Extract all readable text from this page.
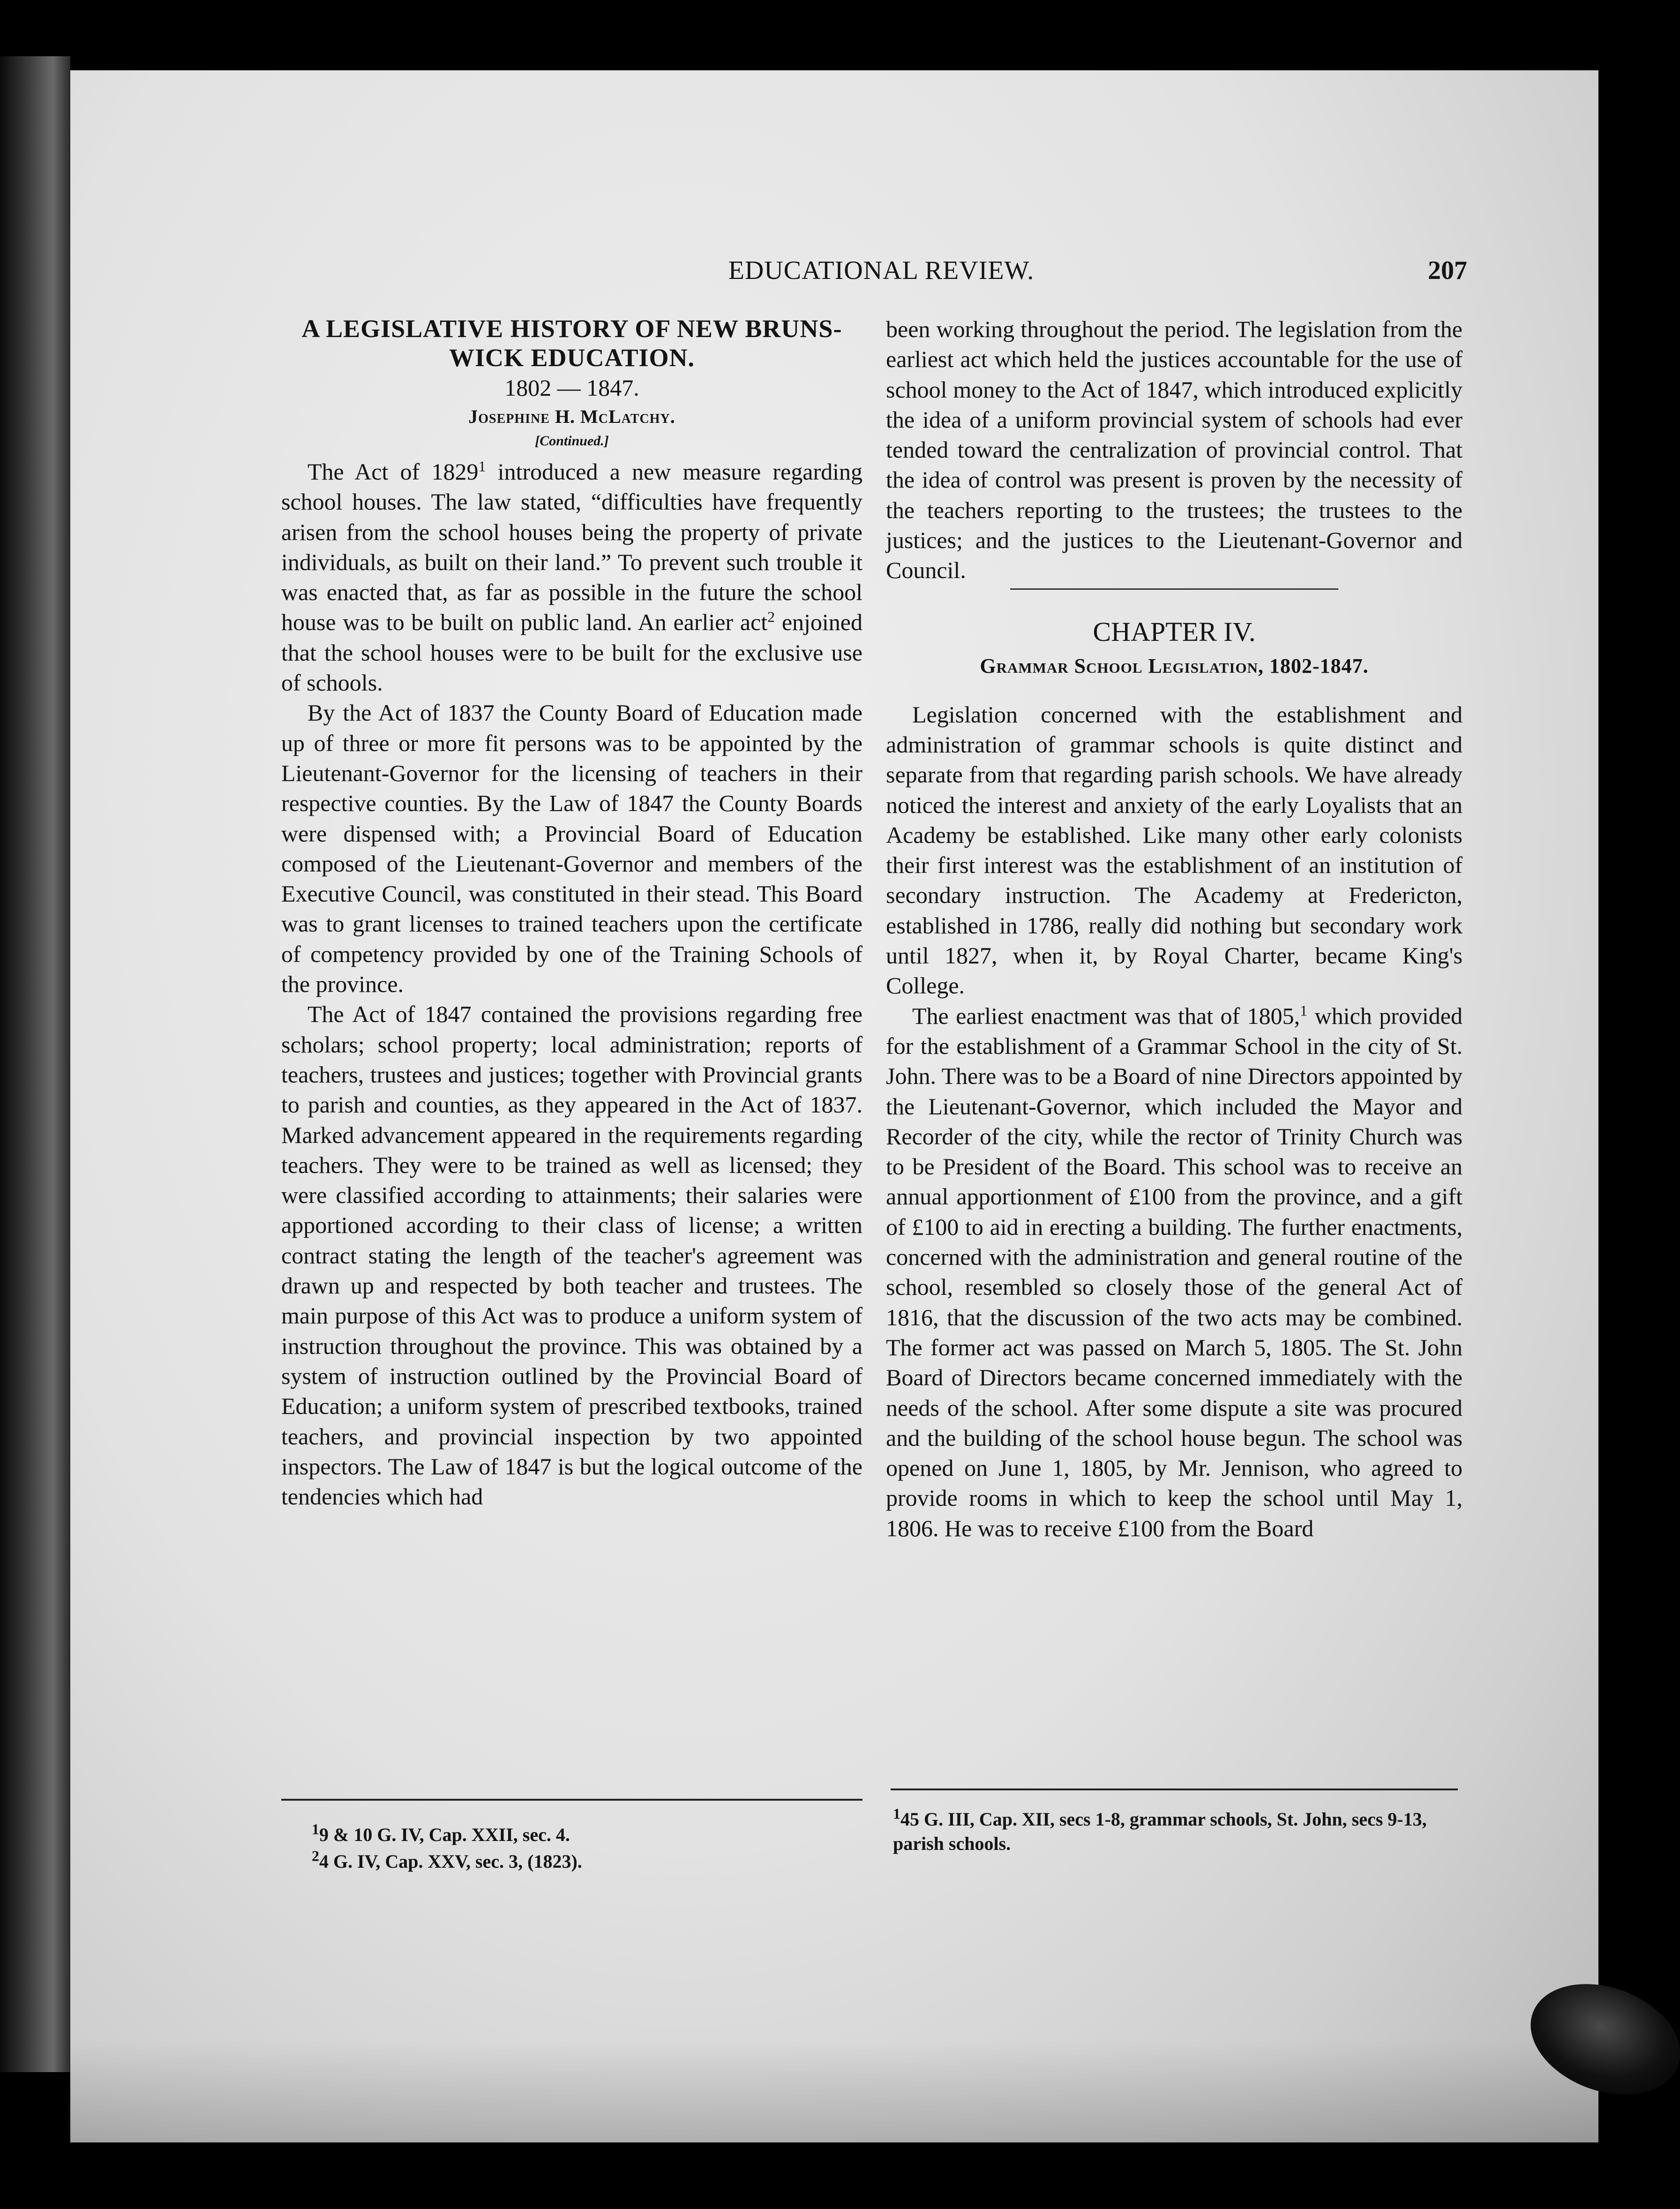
EDUCATIONAL REVIEW.	207
A LEGISLATIVE HISTORY OF NEW BRUNS-
WICK EDUCATION.
1802 — 1847.
Josephine H. McLatchy.
[Continued.]

The Act of 1829$^1$ introduced a new measure regarding school houses. The law stated, “difficulties have frequently arisen from the school houses being the property of private individuals, as built on their land.” To prevent such trouble it was enacted that, as far as possible in the future the school house was to be built on public land. An earlier act$^2$ enjoined that the school houses were to be built for the exclusive use of schools.

By the Act of 1837 the County Board of Education made up of three or more fit persons was to be appointed by the Lieutenant-Governor for the licensing of teachers in their respective counties. By the Law of 1847 the County Boards were dispensed with; a Provincial Board of Education composed of the Lieutenant-Governor and members of the Executive Council, was constituted in their stead. This Board was to grant licenses to trained teachers upon the certificate of competency provided by one of the Training Schools of the province.

The Act of 1847 contained the provisions regarding free scholars; school property; local administration; reports of teachers, trustees and justices; together with Provincial grants to parish and counties, as they appeared in the Act of 1837. Marked advancement appeared in the requirements regarding teachers. They were to be trained as well as licensed; they were classified according to attainments; their salaries were apportioned according to their class of license; a written contract stating the length of the teacher's agreement was drawn up and respected by both teacher and trustees. The main purpose of this Act was to produce a uniform system of instruction throughout the province. This was obtained by a system of instruction outlined by the Provincial Board of Education; a uniform system of prescribed textbooks, trained teachers, and provincial inspection by two appointed inspectors. The Law of 1847 is but the logical outcome of the tendencies which had

$^1$9 & 10 G. IV, Cap. XXII, sec. 4.
$^2$4 G. IV, Cap. XXV, sec. 3, (1823).

been working throughout the period. The legislation from the earliest act which held the justices accountable for the use of school money to the Act of 1847, which introduced explicitly the idea of a uniform provincial system of schools had ever tended toward the centralization of provincial control. That the idea of control was present is proven by the necessity of the teachers reporting to the trustees; the trustees to the justices; and the justices to the Lieutenant-Governor and Council.

CHAPTER IV.
Grammar School Legislation, 1802-1847.

Legislation concerned with the establishment and administration of grammar schools is quite distinct and separate from that regarding parish schools. We have already noticed the interest and anxiety of the early Loyalists that an Academy be established. Like many other early colonists their first interest was the establishment of an institution of secondary instruction. The Academy at Fredericton, established in 1786, really did nothing but secondary work until 1827, when it, by Royal Charter, became King's College.

The earliest enactment was that of 1805,$^1$ which provided for the establishment of a Grammar School in the city of St. John. There was to be a Board of nine Directors appointed by the Lieutenant-Governor, which included the Mayor and Recorder of the city, while the rector of Trinity Church was to be President of the Board. This school was to receive an annual apportionment of £100 from the province, and a gift of £100 to aid in erecting a building. The further enactments, concerned with the administration and general routine of the school, resembled so closely those of the general Act of 1816, that the discussion of the two acts may be combined. The former act was passed on March 5, 1805. The St. John Board of Directors became concerned immediately with the needs of the school. After some dispute a site was procured and the building of the school house begun. The school was opened on June 1, 1805, by Mr. Jennison, who agreed to provide rooms in which to keep the school until May 1, 1806. He was to receive £100 from the Board

$^1$45 G. III, Cap. XII, secs 1-8, grammar schools, St. John, secs 9-13, parish schools.
